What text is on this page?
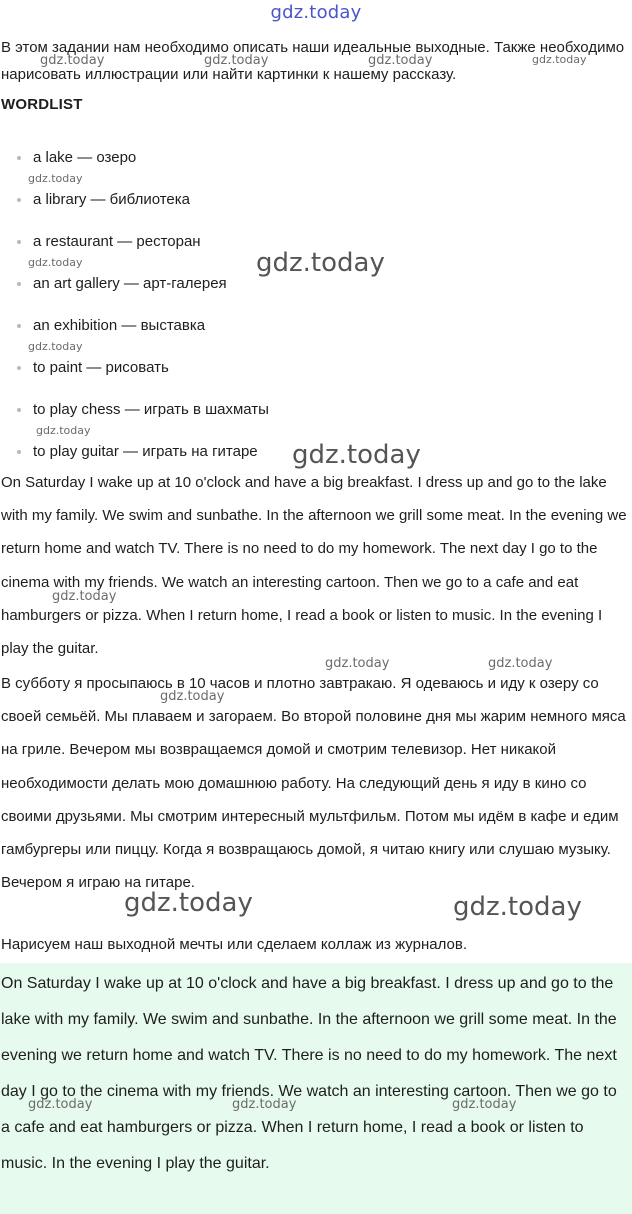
gdz.today
В этом задании нам необходимо описать наши идеальные выходные. Также необходимо нарисовать иллюстрации или найти картинки к нашему рассказу.
WORDLIST
a lake — озеро
a library — библиотека
a restaurant — ресторан
an art gallery — арт-галерея
an exhibition — выставка
to paint — рисовать
to play chess — играть в шахматы
to play guitar — играть на гитаре
On Saturday I wake up at 10 o'clock and have a big breakfast. I dress up and go to the lake with my family. We swim and sunbathe. In the afternoon we grill some meat. In the evening we return home and watch TV. There is no need to do my homework. The next day I go to the cinema with my friends. We watch an interesting cartoon. Then we go to a cafe and eat hamburgers or pizza. When I return home, I read a book or listen to music. In the evening I play the guitar.
В субботу я просыпаюсь в 10 часов и плотно завтракаю. Я одеваюсь и иду к озеру со своей семьёй. Мы плаваем и загораем. Во второй половине дня мы жарим немного мяса на гриле. Вечером мы возвращаемся домой и смотрим телевизор. Нет никакой необходимости делать мою домашнюю работу. На следующий день я иду в кино со своими друзьями. Мы смотрим интересный мультфильм. Потом мы идём в кафе и едим гамбургеры или пиццу. Когда я возвращаюсь домой, я читаю книгу или слушаю музыку. Вечером я играю на гитаре.
Нарисуем наш выходной мечты или сделаем коллаж из журналов.
On Saturday I wake up at 10 o'clock and have a big breakfast. I dress up and go to the lake with my family. We swim and sunbathe. In the afternoon we grill some meat. In the evening we return home and watch TV. There is no need to do my homework. The next day I go to the cinema with my friends. We watch an interesting cartoon. Then we go to a cafe and eat hamburgers or pizza. When I return home, I read a book or listen to music. In the evening I play the guitar.
gdz.today	gdz.today	gdz.today	gdz.today
gdz.today
gdz.today	gdz.today
gdz.today
gdz.today
gdz.today
gdz.today
gdz.today	gdz.today
gdz.today
gdz.today	gdz.today
gdz.today	gdz.today	gdz.today
